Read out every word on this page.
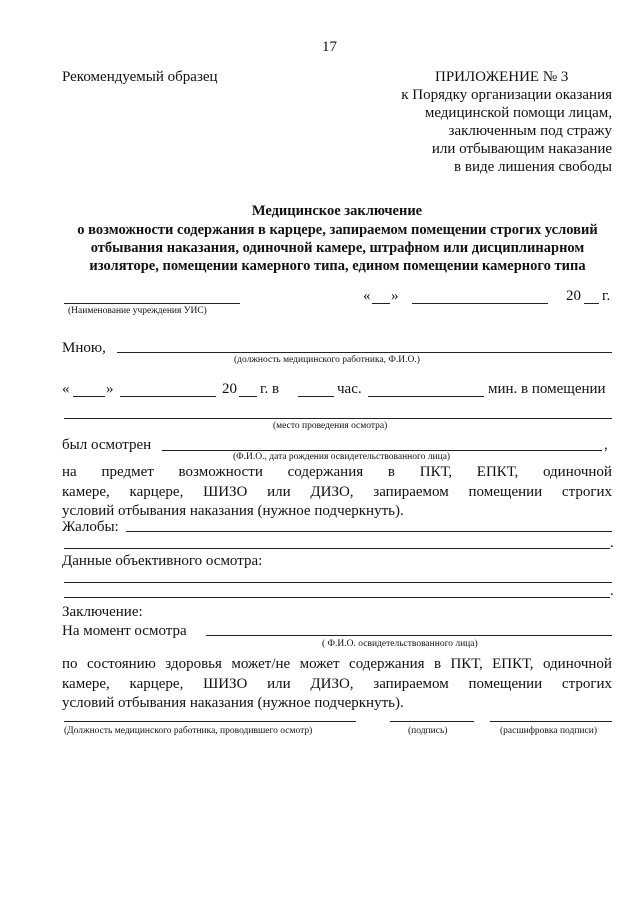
17
Рекомендуемый образец	ПРИЛОЖЕНИЕ № 3
к Порядку организации оказания
медицинской помощи лицам,
заключенным под стражу
или отбывающим наказание
в виде лишения свободы
Медицинское заключение
о возможности содержания в карцере, запираемом помещении строгих условий
отбывания наказания, одиночной камере, штрафном или дисциплинарном
изоляторе, помещении камерного типа, едином помещении камерного типа
(Наименование учреждения УИС)
« »	20 г.
Мною,
(должность медицинского работника, Ф.И.О.)
« »	20 г. в	час.	мин. в помещении
(место проведения осмотра)
был осмотрен	,
(Ф.И.О., дата рождения освидетельствованного лица)
на предмет возможности содержания в ПКТ, ЕПКТ, одиночной
камере, карцере, ШИЗО или ДИЗО, запираемом помещении строгих
условий отбывания наказания (нужное подчеркнуть).
Жалобы:
.
Данные объективного осмотра:
.
Заключение:
На момент осмотра
( Ф.И.О. освидетельствованного лица)
по состоянию здоровья может/не может содержания в ПКТ, ЕПКТ, одиночной
камере, карцере, ШИЗО или ДИЗО, запираемом помещении строгих
условий отбывания наказания (нужное подчеркнуть).
(Должность медицинского работника, проводившего осмотр)	(подпись)	(расшифровка подписи)
